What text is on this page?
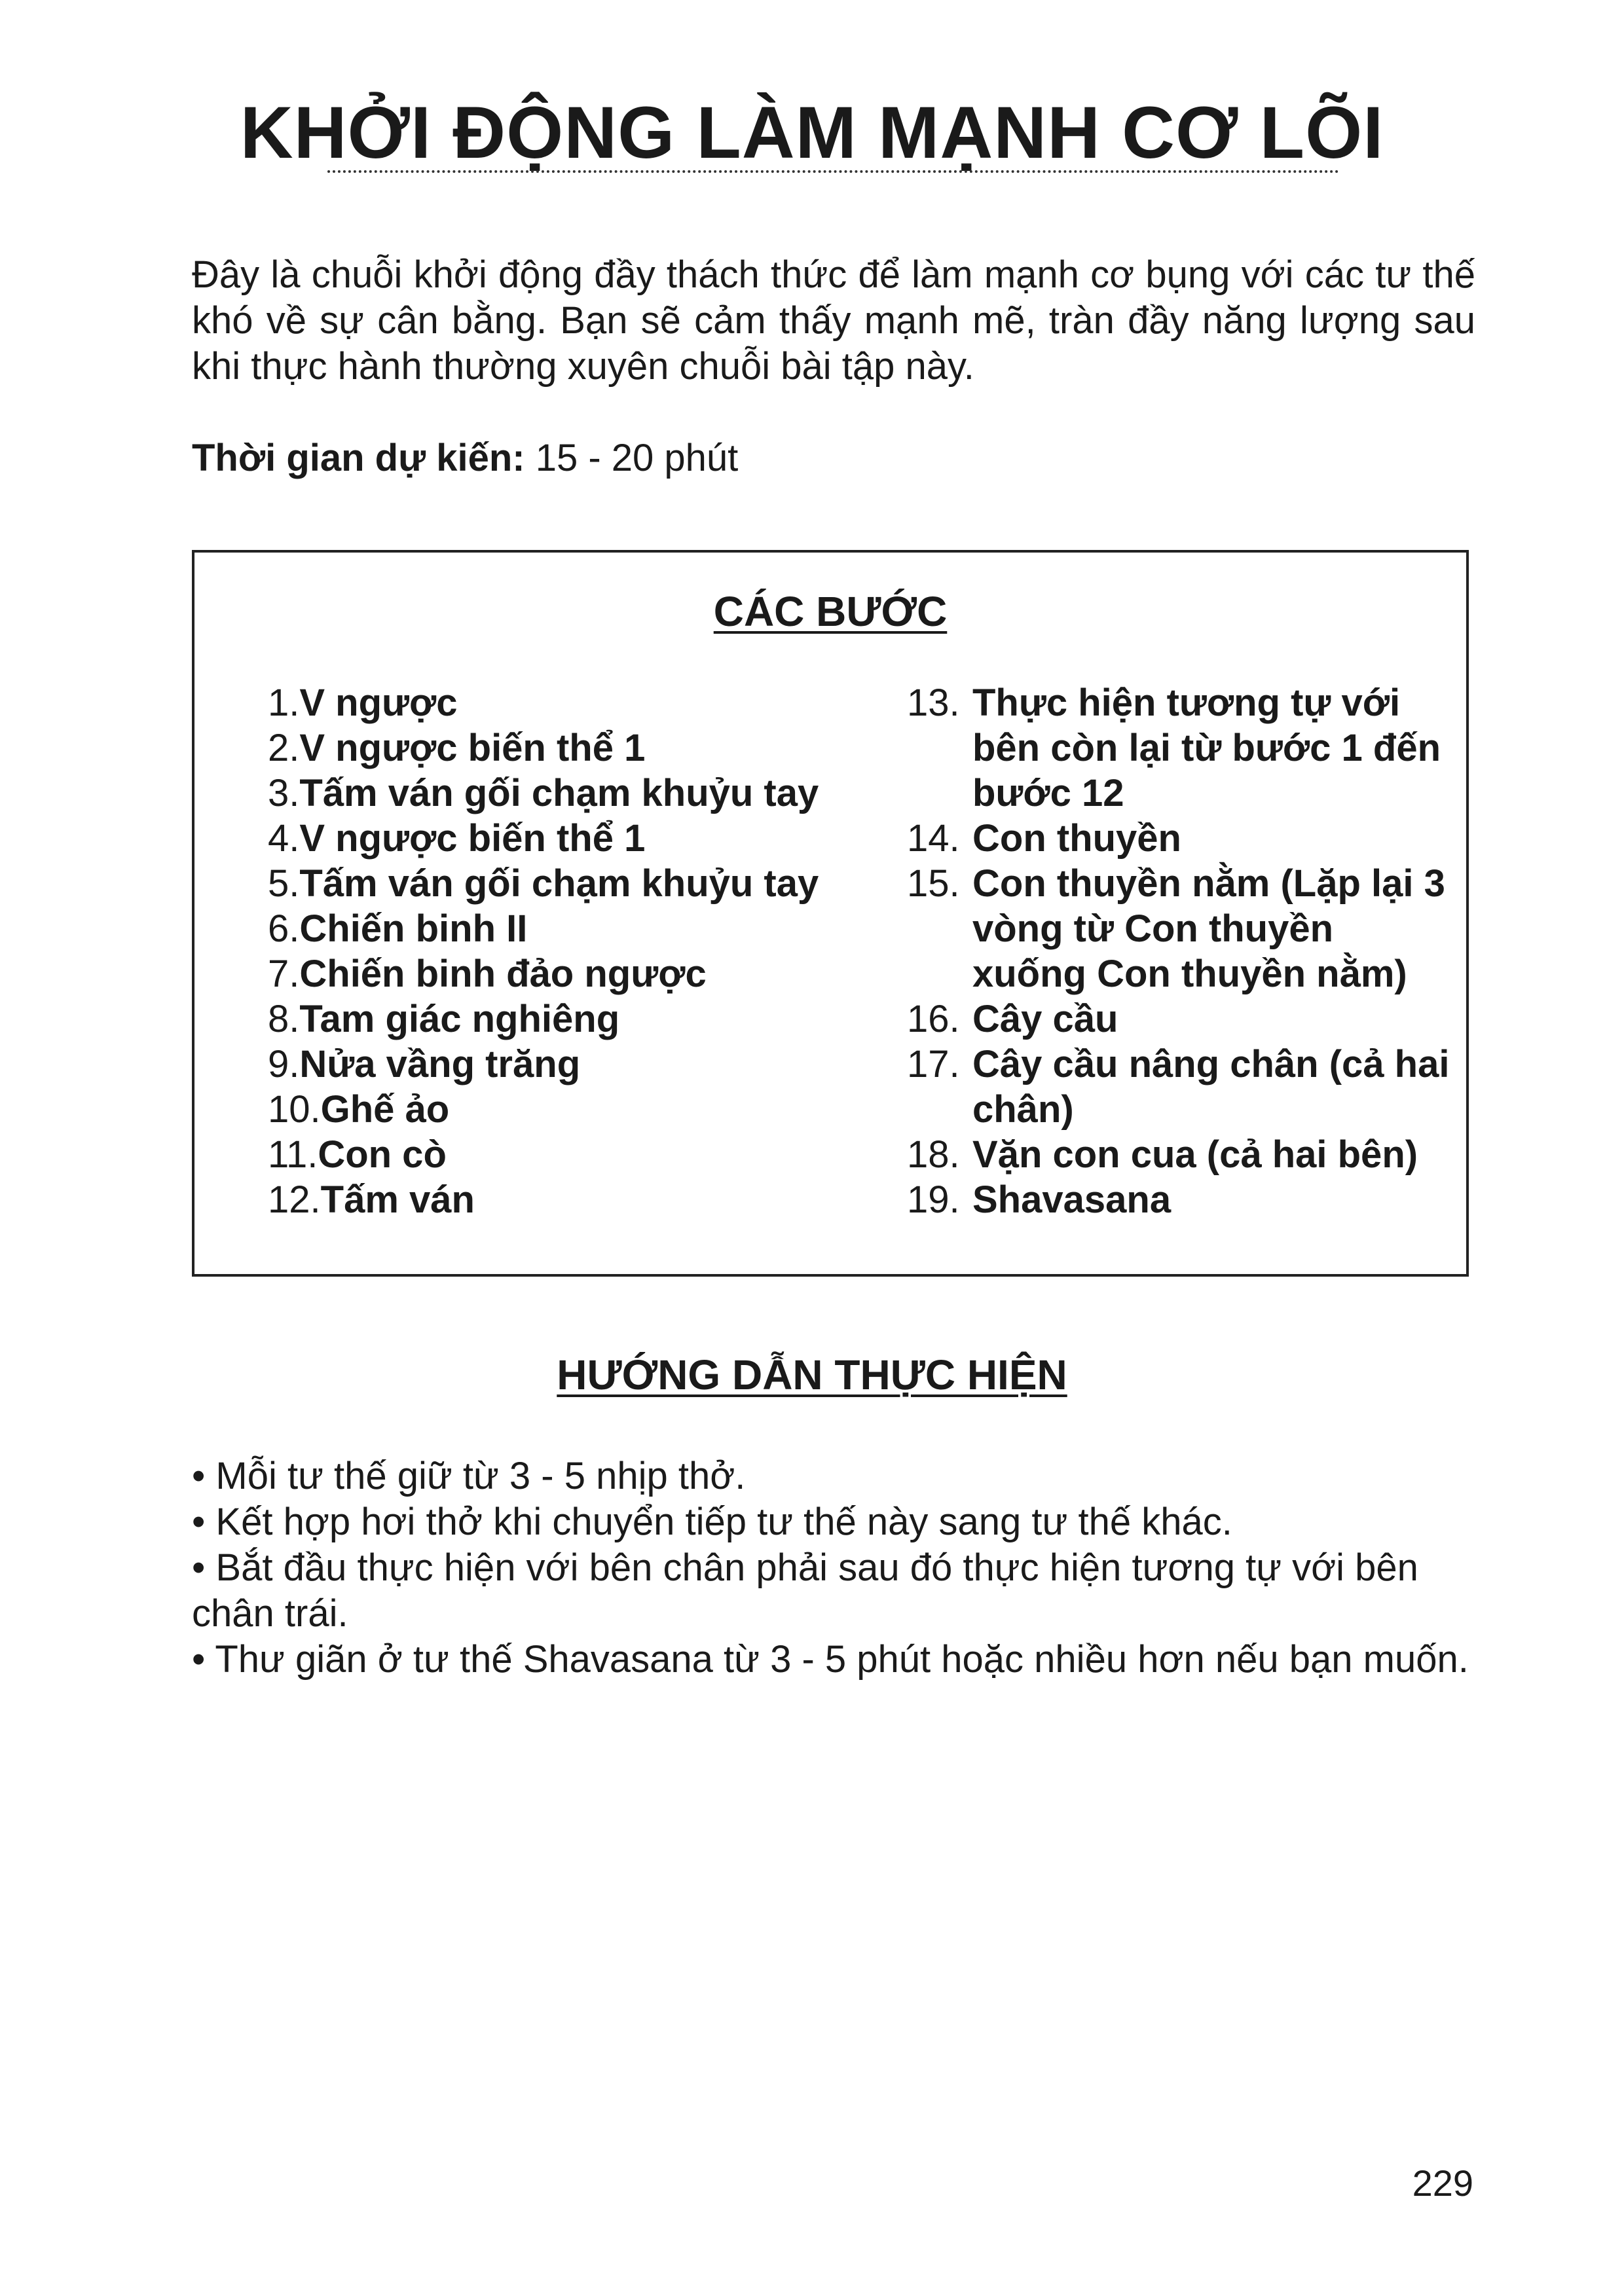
KHỞI ĐỘNG LÀM MẠNH CƠ LÕI

Đây là chuỗi khởi động đầy thách thức để làm mạnh cơ bụng với các tư thế khó về sự cân bằng. Bạn sẽ cảm thấy mạnh mẽ, tràn đầy năng lượng sau khi thực hành thường xuyên chuỗi bài tập này.

Thời gian dự kiến: 15 - 20 phút

CÁC BƯỚC
1. V ngược
2. V ngược biến thể 1
3. Tấm ván gối chạm khuỷu tay
4. V ngược biến thể 1
5. Tấm ván gối chạm khuỷu tay
6. Chiến binh II
7. Chiến binh đảo ngược
8. Tam giác nghiêng
9. Nửa vầng trăng
10. Ghế ảo
11. Con cò
12. Tấm ván
13. Thực hiện tương tự với bên còn lại từ bước 1 đến bước 12
14. Con thuyền
15. Con thuyền nằm (Lặp lại 3 vòng từ Con thuyền xuống Con thuyền nằm)
16. Cây cầu
17. Cây cầu nâng chân (cả hai chân)
18. Vặn con cua (cả hai bên)
19. Shavasana
HƯỚNG DẪN THỰC HIỆN
• Mỗi tư thế giữ từ 3 - 5 nhịp thở.
• Kết hợp hơi thở khi chuyển tiếp tư thế này sang tư thế khác.
• Bắt đầu thực hiện với bên chân phải sau đó thực hiện tương tự với bên chân trái.
• Thư giãn ở tư thế Shavasana từ 3 - 5 phút hoặc nhiều hơn nếu bạn muốn.
229
